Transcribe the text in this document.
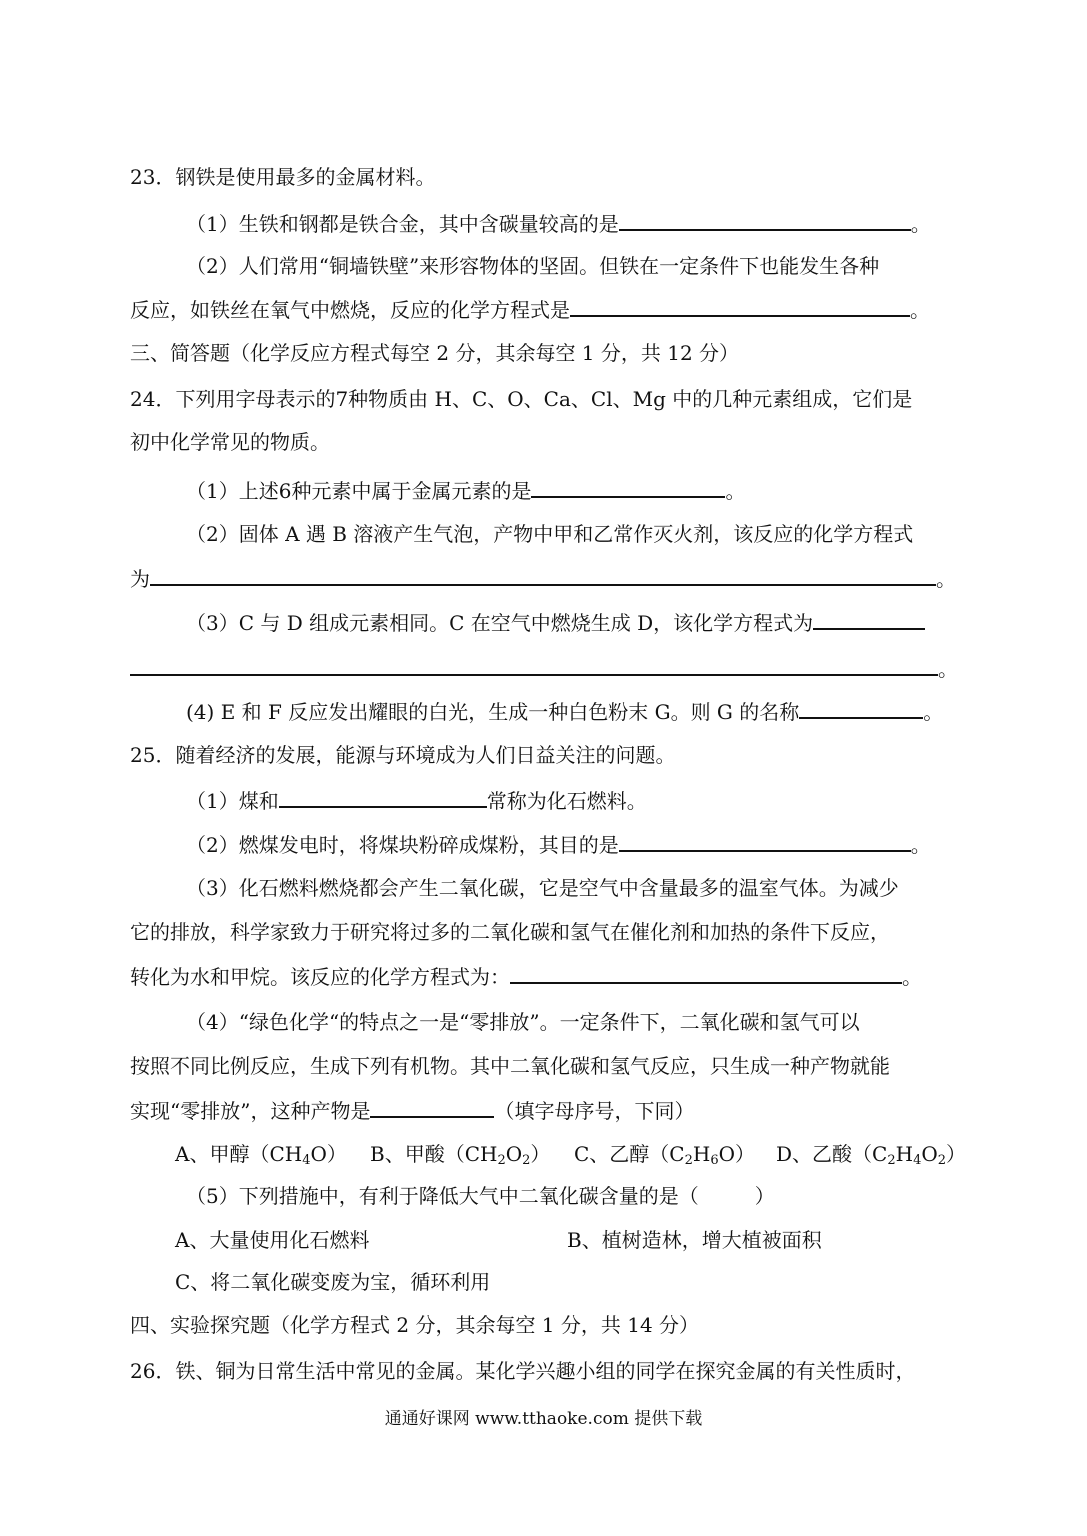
23．钢铁是使用最多的金属材料。
（1）生铁和钢都是铁合金，其中含碳量较高的是	。
（2）人们常用“铜墙铁壁”来形容物体的坚固。但铁在一定条件下也能发生各种
反应，如铁丝在氧气中燃烧，反应的化学方程式是	。
三、简答题（化学反应方程式每空 2 分，其余每空 1 分，共 12 分）
24．下列用字母表示的7种物质由 H、C、O、Ca、Cl、Mg 中的几种元素组成，它们是
初中化学常见的物质。
（1）上述6种元素中属于金属元素的是	。
（2）固体 A 遇 B 溶液产生气泡，产物中甲和乙常作灭火剂，该反应的化学方程式
为	。
（3）C 与 D 组成元素相同。C 在空气中燃烧生成 D，该化学方程式为
。
(4) E 和 F 反应发出耀眼的白光，生成一种白色粉末 G。则 G 的名称	。
25．随着经济的发展，能源与环境成为人们日益关注的问题。
（1）煤和	常称为化石燃料。
（2）燃煤发电时，将煤块粉碎成煤粉，其目的是	。
（3）化石燃料燃烧都会产生二氧化碳，它是空气中含量最多的温室气体。为减少
它的排放，科学家致力于研究将过多的二氧化碳和氢气在催化剂和加热的条件下反应，
转化为水和甲烷。该反应的化学方程式为：	。
（4）“绿色化学“的特点之一是“零排放”。一定条件下，二氧化碳和氢气可以
按照不同比例反应，生成下列有机物。其中二氧化碳和氢气反应，只生成一种产物就能
实现“零排放”，这种产物是	（填字母序号，下同）
A、甲醇$(CH_4O)$ B、甲酸$(CH_2O_2)$ C、乙醇$(C_2H_6O)$ D、乙酸$(C_2H_4O_2)$
（5）下列措施中，有利于降低大气中二氧化碳含量的是（	）
A、大量使用化石燃料	B、植树造林，增大植被面积
C、将二氧化碳变废为宝，循环利用
四、实验探究题（化学方程式 2 分，其余每空 1 分，共 14 分）
26．铁、铜为日常生活中常见的金属。某化学兴趣小组的同学在探究金属的有关性质时，
通通好课网 www.tthaoke.com 提供下载
